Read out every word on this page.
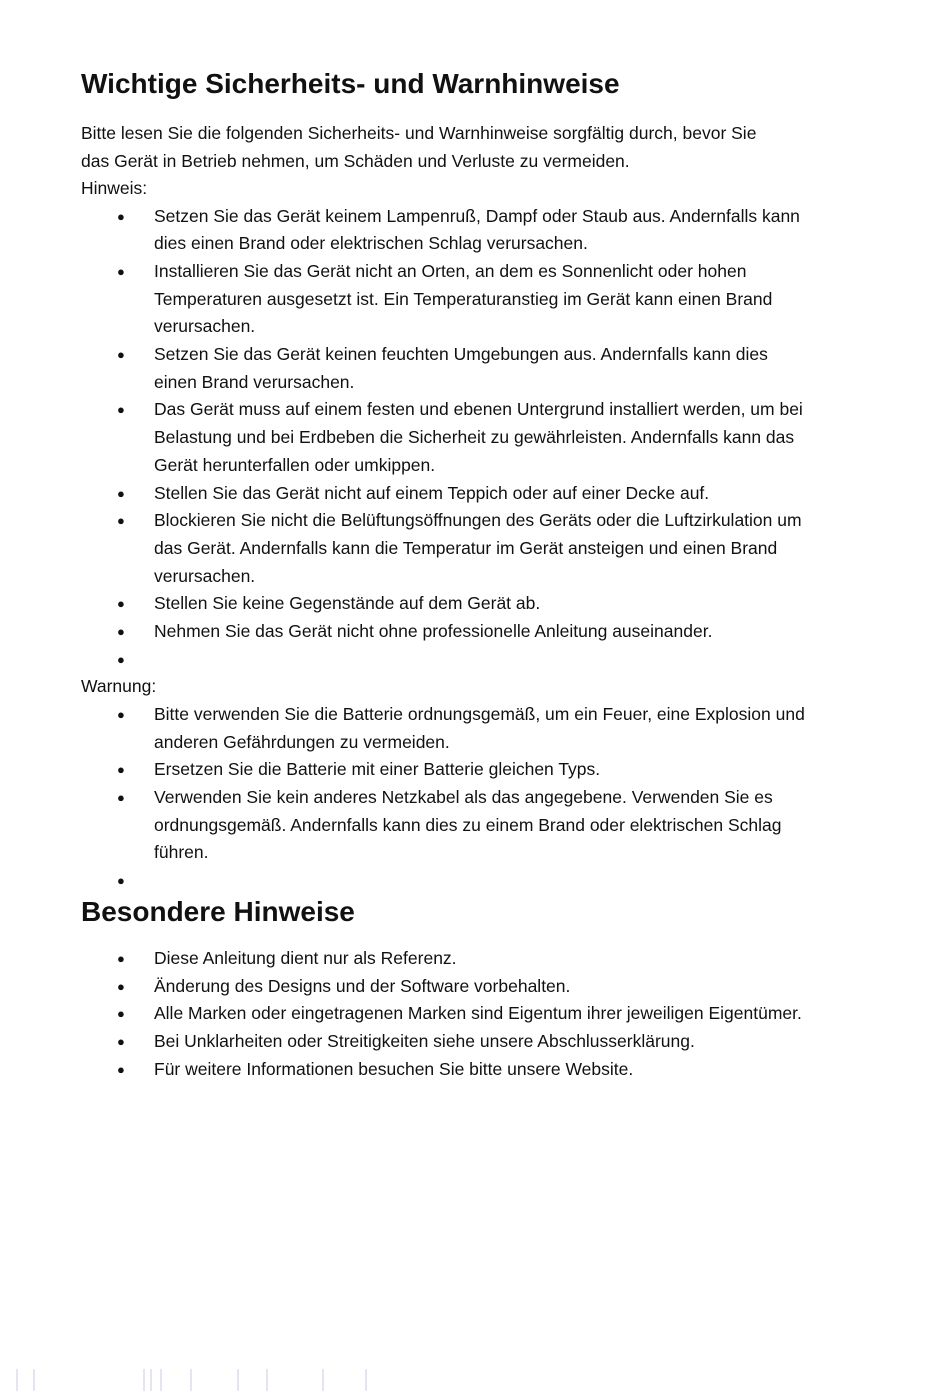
Wichtige Sicherheits- und Warnhinweise

Bitte lesen Sie die folgenden Sicherheits- und Warnhinweise sorgfältig durch, bevor Sie
das Gerät in Betrieb nehmen, um Schäden und Verluste zu vermeiden.

Hinweis:

● Setzen Sie das Gerät keinem Lampenruß, Dampf oder Staub aus. Andernfalls kann dies einen Brand oder elektrischen Schlag verursachen.
● Installieren Sie das Gerät nicht an Orten, an dem es Sonnenlicht oder hohen Temperaturen ausgesetzt ist. Ein Temperaturanstieg im Gerät kann einen Brand verursachen.
● Setzen Sie das Gerät keinen feuchten Umgebungen aus. Andernfalls kann dies einen Brand verursachen.
● Das Gerät muss auf einem festen und ebenen Untergrund installiert werden, um bei Belastung und bei Erdbeben die Sicherheit zu gewährleisten. Andernfalls kann das Gerät herunterfallen oder umkippen.
● Stellen Sie das Gerät nicht auf einem Teppich oder auf einer Decke auf.
● Blockieren Sie nicht die Belüftungsöffnungen des Geräts oder die Luftzirkulation um das Gerät. Andernfalls kann die Temperatur im Gerät ansteigen und einen Brand verursachen.
● Stellen Sie keine Gegenstände auf dem Gerät ab.
● Nehmen Sie das Gerät nicht ohne professionelle Anleitung auseinander.
●

Warnung:

● Bitte verwenden Sie die Batterie ordnungsgemäß, um ein Feuer, eine Explosion und anderen Gefährdungen zu vermeiden.
● Ersetzen Sie die Batterie mit einer Batterie gleichen Typs.
● Verwenden Sie kein anderes Netzkabel als das angegebene. Verwenden Sie es ordnungsgemäß. Andernfalls kann dies zu einem Brand oder elektrischen Schlag führen.
●
Besondere Hinweise
● Diese Anleitung dient nur als Referenz.
● Änderung des Designs und der Software vorbehalten.
● Alle Marken oder eingetragenen Marken sind Eigentum ihrer jeweiligen Eigentümer.
● Bei Unklarheiten oder Streitigkeiten siehe unsere Abschlusserklärung.
● Für weitere Informationen besuchen Sie bitte unsere Website.
